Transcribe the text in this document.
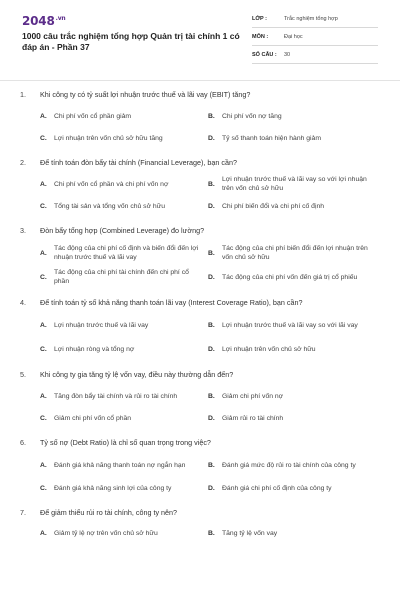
$2048^{.vn}$
1000 câu trắc nghiệm tổng hợp Quản trị tài chính 1 có đáp án - Phần 37
LỚP :	Trắc nghiệm tổng hợp
MÔN :	Đại học
SỐ CÂU :	30
1.	Khi công ty có tỷ suất lợi nhuận trước thuế và lãi vay (EBIT) tăng?
A.	Chi phí vốn cổ phần giảm	B.	Chi phí vốn nợ tăng
C.	Lợi nhuận trên vốn chủ sở hữu tăng	D.	Tỷ số thanh toán hiện hành giảm
2.	Để tính toán đòn bẩy tài chính (Financial Leverage), bạn cần?
A.	Chi phí vốn cổ phần và chi phí vốn nợ	B.
Lợi nhuận trước thuế và lãi vay so với lợi nhuận trên vốn chủ sở hữu
C.	Tổng tài sản và tổng vốn chủ sở hữu	D.	Chi phí biến đổi và chi phí cố định
3.	Đòn bẩy tổng hợp (Combined Leverage) đo lường?
A.
Tác động của chi phí cố định và biến đổi đến lợi nhuận trước thuế và lãi vay
B.
Tác động của chi phí biến đổi đến lợi nhuận trên vốn chủ sở hữu
C.
Tác động của chi phí tài chính đến chi phí cổ phần
D.	Tác động của chi phí vốn đến giá trị cổ phiếu
4.	Để tính toán tỷ số khả năng thanh toán lãi vay (Interest Coverage Ratio), bạn cần?
A.	Lợi nhuận trước thuế và lãi vay	B.	Lợi nhuận trước thuế và lãi vay so với lãi vay
C.	Lợi nhuận ròng và tổng nợ	D.	Lợi nhuận trên vốn chủ sở hữu
5.	Khi công ty gia tăng tỷ lệ vốn vay, điều này thường dẫn đến?
A.	Tăng đòn bẩy tài chính và rủi ro tài chính	B.	Giảm chi phí vốn nợ
C.	Giảm chi phí vốn cổ phần	D.	Giảm rủi ro tài chính
6.	Tỷ số nợ (Debt Ratio) là chỉ số quan trọng trong việc?
A.	Đánh giá khả năng thanh toán nợ ngắn hạn	B.	Đánh giá mức độ rủi ro tài chính của công ty
C.	Đánh giá khả năng sinh lợi của công ty	D.	Đánh giá chi phí cố định của công ty
7.	Để giảm thiểu rủi ro tài chính, công ty nên?
A.	Giảm tỷ lệ nợ trên vốn chủ sở hữu	B.	Tăng tỷ lệ vốn vay
